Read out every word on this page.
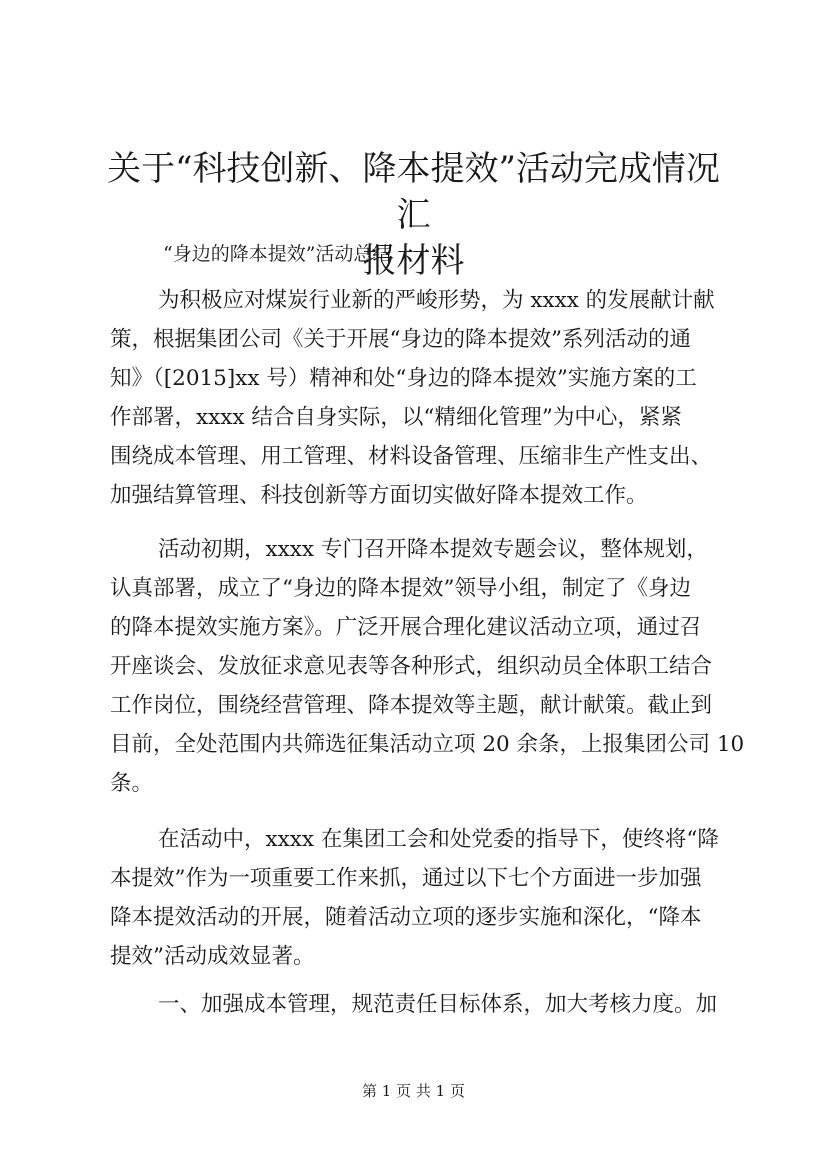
关于“科技创新、降本提效”活动完成情况汇
报材料

“身边的降本提效”活动总结

为积极应对煤炭行业新的严峻形势，为 xxxx 的发展献计献
策，根据集团公司《关于开展“身边的降本提效”系列活动的通
知》（[2015]xx 号）精神和处“身边的降本提效”实施方案的工
作部署，xxxx 结合自身实际，以“精细化管理”为中心，紧紧
围绕成本管理、用工管理、材料设备管理、压缩非生产性支出、
加强结算管理、科技创新等方面切实做好降本提效工作。
活动初期，xxxx 专门召开降本提效专题会议，整体规划，
认真部署，成立了“身边的降本提效”领导小组，制定了《身边
的降本提效实施方案》。广泛开展合理化建议活动立项，通过召
开座谈会、发放征求意见表等各种形式，组织动员全体职工结合
工作岗位，围绕经营管理、降本提效等主题，献计献策。截止到
目前，全处范围内共筛选征集活动立项 20 余条，上报集团公司 10
条。
在活动中，xxxx 在集团工会和处党委的指导下，使终将“降
本提效”作为一项重要工作来抓，通过以下七个方面进一步加强
降本提效活动的开展，随着活动立项的逐步实施和深化，“降本
提效”活动成效显著。
一、加强成本管理，规范责任目标体系，加大考核力度。加
第 1 页 共 1 页
